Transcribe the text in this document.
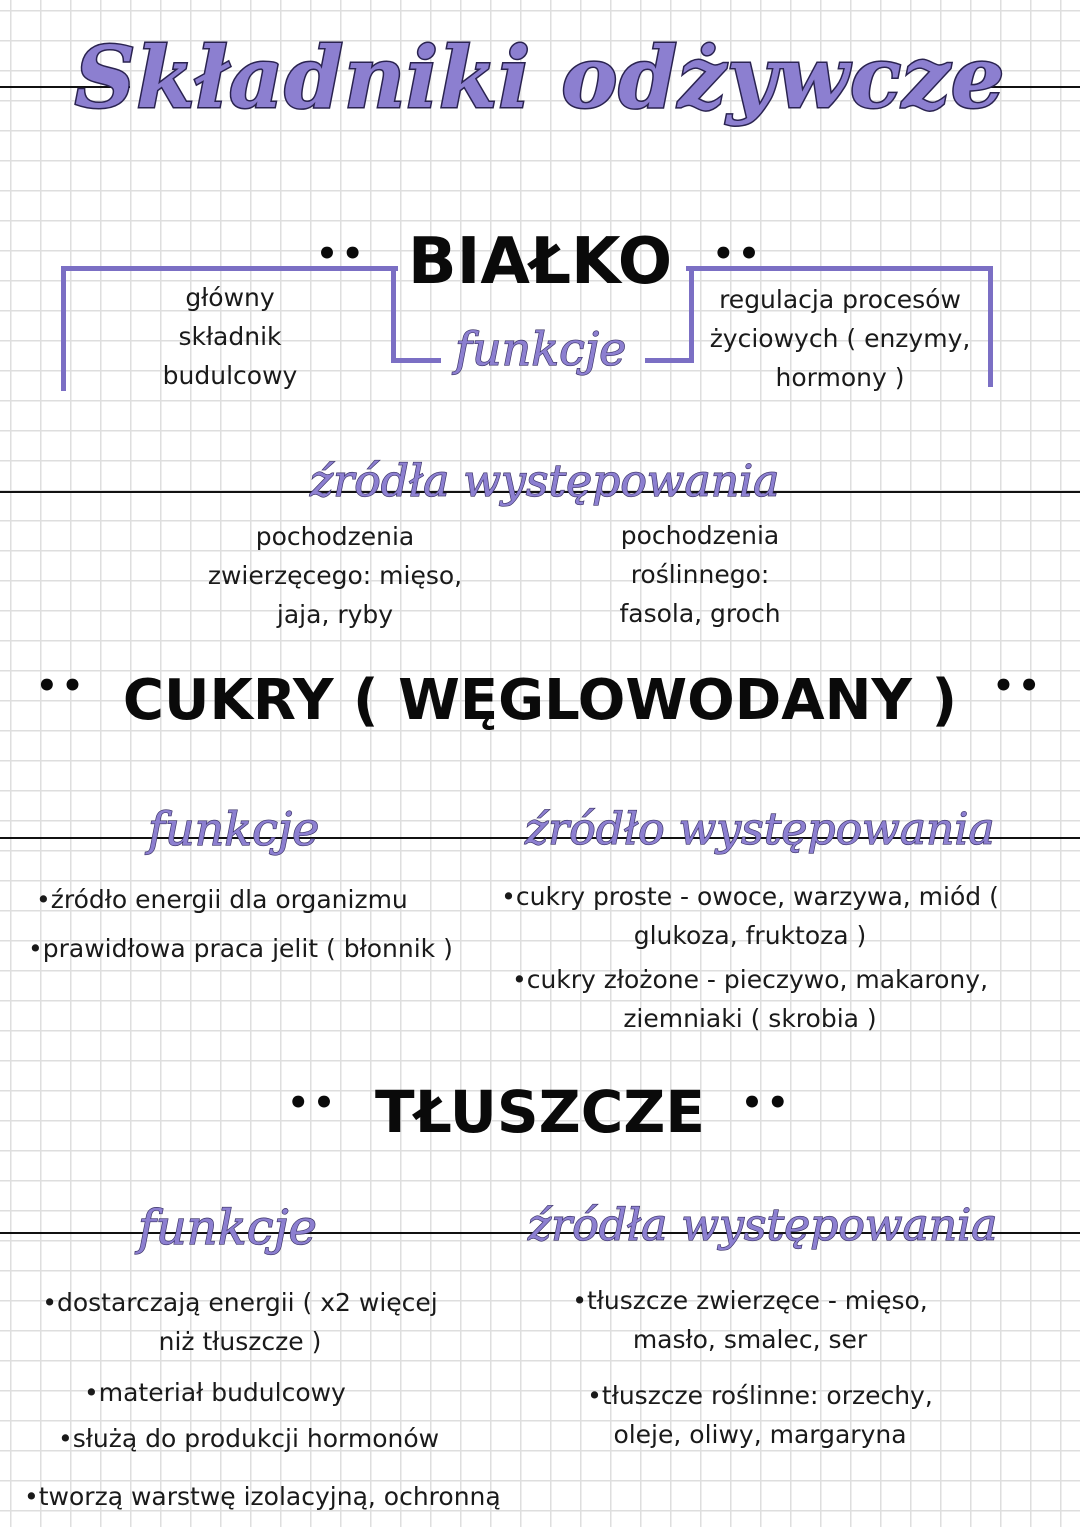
Składniki odżywcze
•• BIAŁKO ••
funkcje
główny składnik budulcowy
regulacja procesów życiowych ( enzymy, hormony )
źródła występowania
pochodzenia zwierzęcego: mięso, jaja, ryby
pochodzenia roślinnego: fasola, groch
•• CUKRY ( WĘGLOWODANY ) ••
funkcje	źródło występowania
•źródło energii dla organizmu
•prawidłowa praca jelit ( błonnik )
•cukry proste - owoce, warzywa, miód ( glukoza, fruktoza )
•cukry złożone - pieczywo, makarony, ziemniaki ( skrobia )
•• TŁUSZCZE ••
funkcje	źródła występowania
•dostarczają energii ( x2 więcej niż tłuszcze )
•materiał budulcowy
•służą do produkcji hormonów
•tworzą warstwę izolacyjną, ochronną
•tłuszcze zwierzęce - mięso, masło, smalec, ser
•tłuszcze roślinne: orzechy, oleje, oliwy, margaryna
